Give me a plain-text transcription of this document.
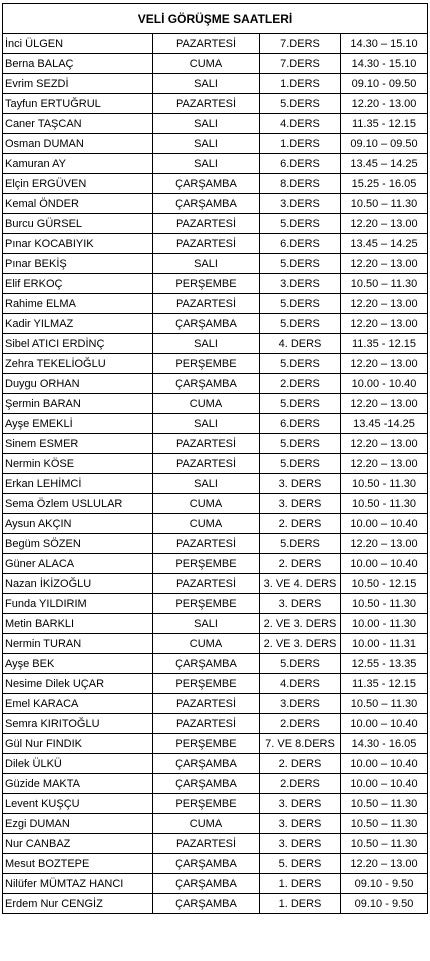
VELİ GÖRÜŞME SAATLERİ			
İnci ÜLGEN	PAZARTESİ	7.DERS	14.30 – 15.10
Berna BALAÇ	CUMA	7.DERS	14.30 - 15.10
Evrim SEZDİ	SALI	1.DERS	09.10 - 09.50
Tayfun ERTUĞRUL	PAZARTESİ	5.DERS	12.20 - 13.00
Caner TAŞCAN	SALI	4.DERS	11.35 - 12.15
Osman DUMAN	SALI	1.DERS	09.10 – 09.50
Kamuran AY	SALI	6.DERS	13.45 – 14.25
Elçin ERGÜVEN	ÇARŞAMBA	8.DERS	15.25 - 16.05
Kemal ÖNDER	ÇARŞAMBA	3.DERS	10.50 – 11.30
Burcu GÜRSEL	PAZARTESİ	5.DERS	12.20 – 13.00
Pınar KOCABIYIK	PAZARTESİ	6.DERS	13.45 – 14.25
Pınar BEKİŞ	SALI	5.DERS	12.20 – 13.00
Elif ERKOÇ	PERŞEMBE	3.DERS	10.50 – 11.30
Rahime ELMA	PAZARTESİ	5.DERS	12.20 – 13.00
Kadir YILMAZ	ÇARŞAMBA	5.DERS	12.20 – 13.00
Sibel ATICI ERDİNÇ	SALI	4. DERS	11.35 - 12.15
Zehra TEKELİOĞLU	PERŞEMBE	5.DERS	12.20 – 13.00
Duygu ORHAN	ÇARŞAMBA	2.DERS	10.00 - 10.40
Şermin BARAN	CUMA	5.DERS	12.20 – 13.00
Ayşe EMEKLİ	SALI	6.DERS	13.45 -14.25
Sinem ESMER	PAZARTESİ	5.DERS	12.20 – 13.00
Nermin KÖSE	PAZARTESİ	5.DERS	12.20 – 13.00
Erkan LEHİMCİ	SALI	3. DERS	10.50 - 11.30
Sema Özlem USLULAR	CUMA	3. DERS	10.50 - 11.30
Aysun AKÇIN	CUMA	2. DERS	10.00 – 10.40
Begüm SÖZEN	PAZARTESİ	5.DERS	12.20 – 13.00
Güner ALACA	PERŞEMBE	2. DERS	10.00 – 10.40
Nazan İKİZOĞLU	PAZARTESİ	3. VE 4. DERS	10.50 - 12.15
Funda YILDIRIM	PERŞEMBE	3. DERS	10.50 - 11.30
Metin BARKLI	SALI	2. VE 3. DERS	10.00 - 11.30
Nermin TURAN	CUMA	2. VE 3. DERS	10.00 - 11.31
Ayşe BEK	ÇARŞAMBA	5.DERS	12.55 - 13.35
Nesime Dilek UÇAR	PERŞEMBE	4.DERS	11.35 - 12.15
Emel KARACA	PAZARTESİ	3.DERS	10.50 – 11.30
Semra KIRITOĞLU	PAZARTESİ	2.DERS	10.00 – 10.40
Gül Nur FINDIK	PERŞEMBE	7. VE 8.DERS	14.30 - 16.05
Dilek ÜLKÜ	ÇARŞAMBA	2. DERS	10.00 – 10.40
Güzide MAKTA	ÇARŞAMBA	2.DERS	10.00 – 10.40
Levent KUŞÇU	PERŞEMBE	3. DERS	10.50 – 11.30
Ezgi DUMAN	CUMA	3. DERS	10.50 – 11.30
Nur CANBAZ	PAZARTESİ	3. DERS	10.50 – 11.30
Mesut BOZTEPE	ÇARŞAMBA	5. DERS	12.20 – 13.00
Nilüfer MÜMTAZ HANCI	ÇARŞAMBA	1. DERS	09.10 - 9.50
Erdem Nur CENGİZ	ÇARŞAMBA	1. DERS	09.10 - 9.50
